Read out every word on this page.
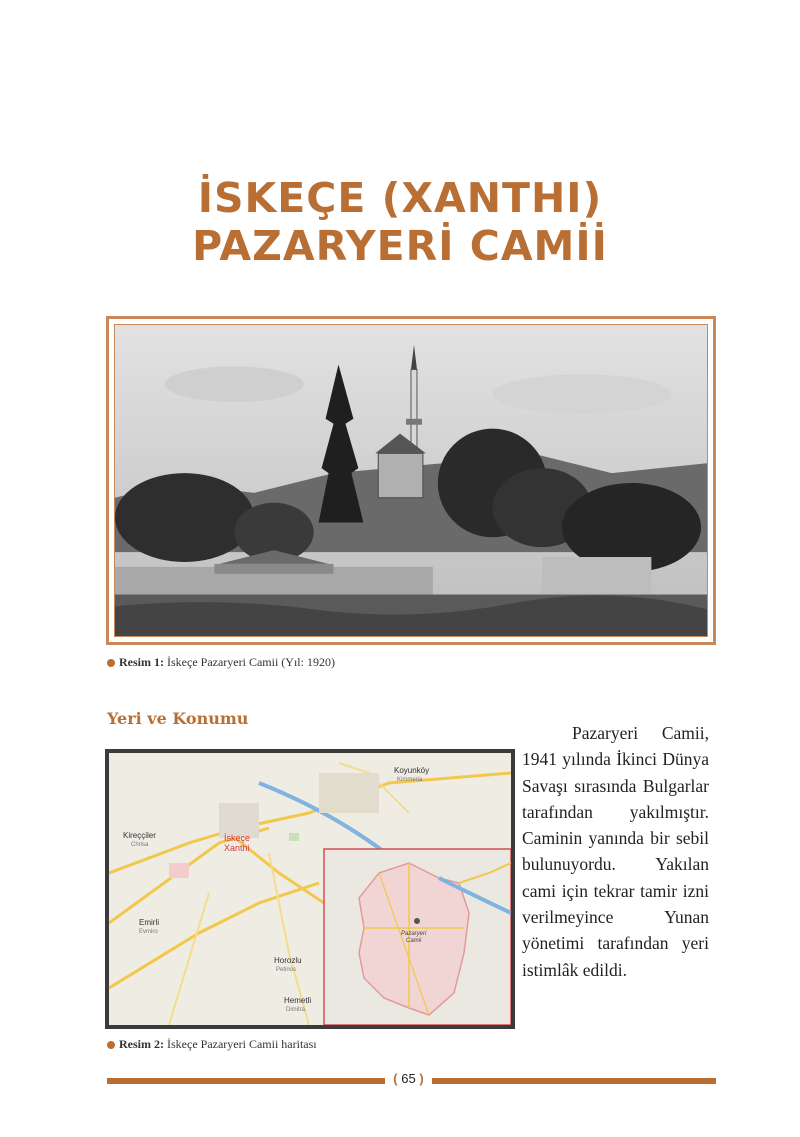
İSKEÇE (XANTHI)
PAZARYERİ CAMİİ
Resim 1: İskeçe Pazaryeri Camii (Yıl: 1920)
Yeri ve Konumu
Koyunköy
Kimmeria
Kireççiler
Chrisa
İskeçe
Xanthi
Emirli
Evmiro
Horozlu
Petinos
Hemetli
Dimitra
Pazaryeri
Camii
Resim 2: İskeçe Pazaryeri Camii haritası

Pazaryeri Camii, 1941 yılında İkinci Dünya Savaşı sırasında Bulgarlar tarafından yakılmıştır. Caminin yanında bir sebil bulunuyordu. Yakılan cami için tekrar tamir izni verilmeyince Yunan yönetimi tarafından yeri istimlâk edildi.

( 65 )
